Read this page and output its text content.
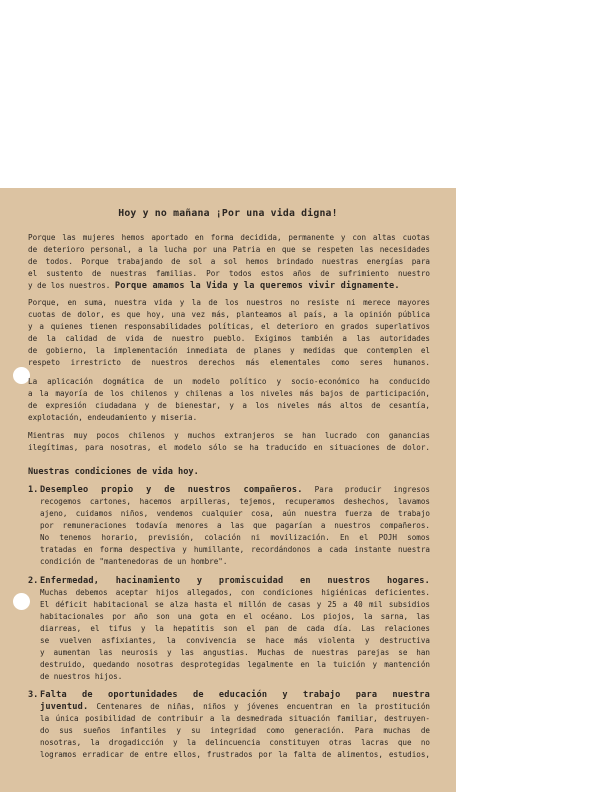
Hoy y no mañana ¡Por una vida digna!
Porque las mujeres hemos aportado en forma decidida, permanente y con altas cuotas
de deterioro personal, a la lucha por una Patria en que se respeten las necesidades
de todos. Porque trabajando de sol a sol hemos brindado nuestras energías para
el sustento de nuestras familias. Por todos estos años de sufrimiento nuestro
y de los nuestros. Porque amamos la Vida y la queremos vivir dignamente.
Porque, en suma, nuestra vida y la de los nuestros no resiste ni merece mayores
cuotas de dolor, es que hoy, una vez más, planteamos al país, a la opinión pública
y a quienes tienen responsabilidades políticas, el deterioro en grados superlativos
de la calidad de vida de nuestro pueblo. Exigimos también a las autoridades
de gobierno, la implementación inmediata de planes y medidas que contemplen el
respeto irrestricto de nuestros derechos más elementales como seres humanos.
La aplicación dogmática de un modelo político y socio-económico ha conducido
a la mayoría de los chilenos y chilenas a los niveles más bajos de participación,
de expresión ciudadana y de bienestar, y a los niveles más altos de cesantía,
explotación, endeudamiento y miseria.
Mientras muy pocos chilenos y muchos extranjeros se han lucrado con ganancias
ilegítimas, para nosotras, el modelo sólo se ha traducido en situaciones de dolor.
Nuestras condiciones de vida hoy.
1. Desempleo propio y de nuestros compañeros. Para producir ingresos
recogemos cartones, hacemos arpilleras, tejemos, recuperamos deshechos, lavamos
ajeno, cuidamos niños, vendemos cualquier cosa, aún nuestra fuerza de trabajo
por remuneraciones todavía menores a las que pagarían a nuestros compañeros.
No tenemos horario, previsión, colación ni movilización. En el POJH somos
tratadas en forma despectiva y humillante, recordándonos a cada instante nuestra
condición de "mantenedoras de un hombre".
2. Enfermedad, hacinamiento y promiscuidad en nuestros hogares.
Muchas debemos aceptar hijos allegados, con condiciones higiénicas deficientes.
El déficit habitacional se alza hasta el millón de casas y 25 a 40 mil subsidios
habitacionales por año son una gota en el océano. Los piojos, la sarna, las
diarreas, el tifus y la hepatitis son el pan de cada día. Las relaciones
se vuelven asfixiantes, la convivencia se hace más violenta y destructiva
y aumentan las neurosis y las angustias. Muchas de nuestras parejas se han
destruido, quedando nosotras desprotegidas legalmente en la tuición y mantención
de nuestros hijos.
3. Falta de oportunidades de educación y trabajo para nuestra
juventud. Centenares de niñas, niños y jóvenes encuentran en la prostitución
la única posibilidad de contribuir a la desmedrada situación familiar, destruyen-
do sus sueños infantiles y su integridad como generación. Para muchas de
nosotras, la drogadicción y la delincuencia constituyen otras lacras que no
logramos erradicar de entre ellos, frustrados por la falta de alimentos, estudios,
